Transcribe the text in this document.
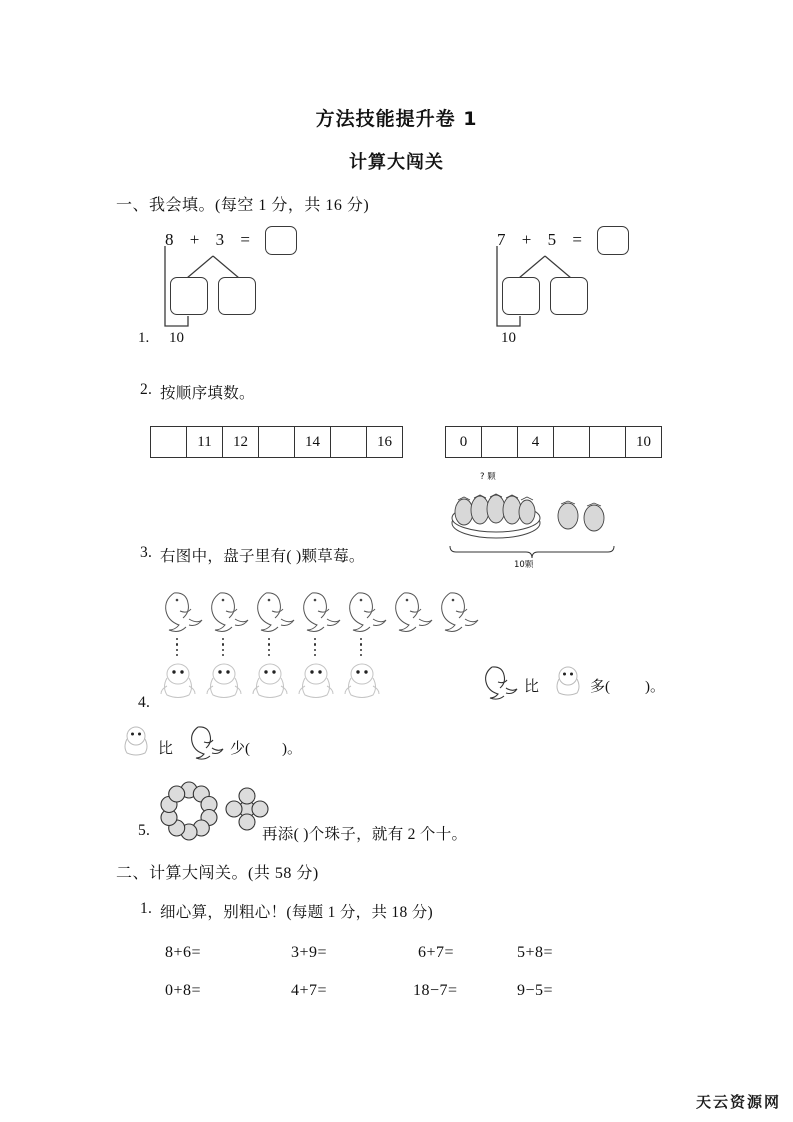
方法技能提升卷 1
计算大闯关
一、我会填。(每空 1 分，共 16 分)
1.
8 + 3 =
10
7 + 5 =
10
2. 按顺序填数。
11	12	14	16	0	4	10
? 颗
10颗
3. 右图中，盘子里有( )颗草莓。
4.
比	多( )。
比	少( )。
5.	再添( )个珠子，就有 2 个十。
二、计算大闯关。(共 58 分)
1. 细心算，别粗心！(每题 1 分，共 18 分)
8+6=	3+9=	6+7=	5+8=
0+8=	4+7=	18−7=	9−5=
天云资源网
